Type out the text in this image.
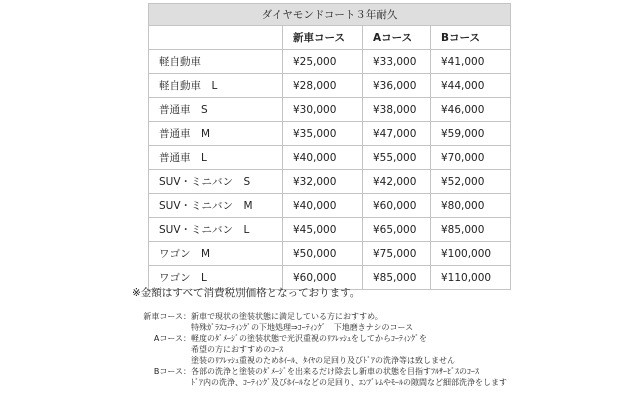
ダイヤモンドコート３年耐久			
	新車コース	Aコース	Bコース
軽自動車	¥25,000	¥33,000	¥41,000
軽自動車　L	¥28,000	¥36,000	¥44,000
普通車　S	¥30,000	¥38,000	¥46,000
普通車　M	¥35,000	¥47,000	¥59,000
普通車　L	¥40,000	¥55,000	¥70,000
SUV・ミニバン　S	¥32,000	¥42,000	¥52,000
SUV・ミニバン　M	¥40,000	¥60,000	¥80,000
SUV・ミニバン　L	¥45,000	¥65,000	¥85,000
ワゴン　M	¥50,000	¥75,000	¥100,000
ワゴン　L	¥60,000	¥85,000	¥110,000
※金額はすべて消費税別価格となっております。
新車コース：新車で現状の塗装状態に満足している方におすすめ。
特殊ｶﾞﾗｽｺｰﾃｨﾝｸﾞの下地処理⇒ｺｰﾃｨﾝｸﾞ　下地磨きナシのコース
Aコース：軽度のﾀﾞﾒｰｼﾞの塗装状態で光沢重視のﾘﾌﾚｯｼｭをしてからｺｰﾃｨﾝｸﾞを
希望の方におすすめのｺｰｽ
塗装のﾘﾌﾚｯｼｭ重視のためﾎｲｰﾙ、ﾀｲﾔの足回り及びﾄﾞｱの洗浄等は致しません
Bコース：各部の洗浄と塗装のﾀﾞﾒｰｼﾞを出来るだけ除去し新車の状態を目指すﾌﾙｻｰﾋﾞｽのｺｰｽ
ﾄﾞｱ内の洗浄、ｺｰﾃｨﾝｸﾞ及びﾎｲｰﾙなどの足回り、ｴﾝﾌﾞﾚﾑやﾓｰﾙの隙間など細部洗浄をします
